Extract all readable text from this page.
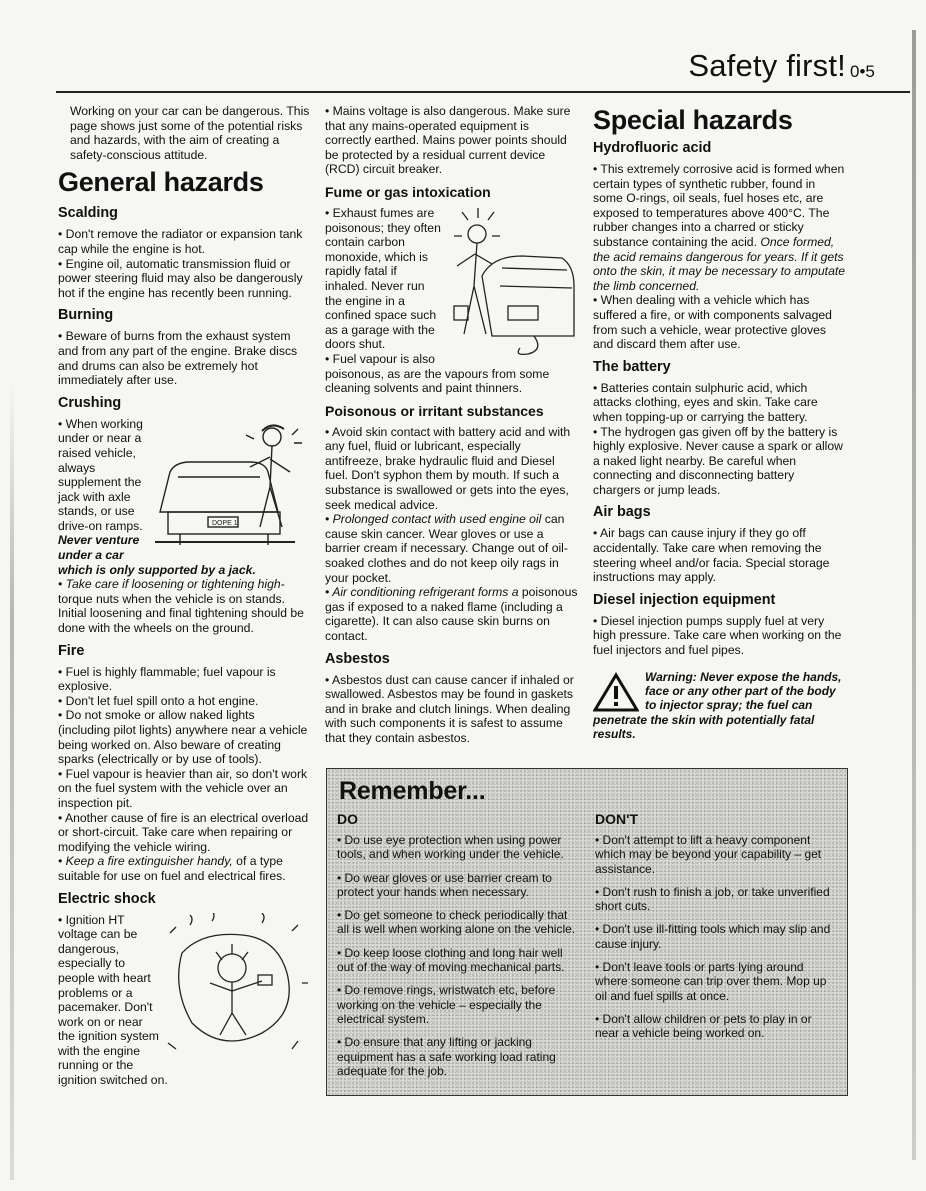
Safety first! 0•5

Working on your car can be dangerous. This page shows just some of the potential risks and hazards, with the aim of creating a safety-conscious attitude.

General hazards
Scalding

• Don't remove the radiator or expansion tank cap while the engine is hot.

• Engine oil, automatic transmission fluid or power steering fluid may also be dangerously hot if the engine has recently been running.

Burning

• Beware of burns from the exhaust system and from any part of the engine. Brake discs and drums can also be extremely hot immediately after use.

Crushing
DOPE 1

• When working under or near a raised vehicle, always supplement the jack with axle stands, or use drive-on ramps. Never venture under a car which is only supported by a jack.

• Take care if loosening or tightening high-torque nuts when the vehicle is on stands. Initial loosening and final tightening should be done with the wheels on the ground.

Fire

• Fuel is highly flammable; fuel vapour is explosive.

• Don't let fuel spill onto a hot engine.

• Do not smoke or allow naked lights (including pilot lights) anywhere near a vehicle being worked on. Also beware of creating sparks (electrically or by use of tools).

• Fuel vapour is heavier than air, so don't work on the fuel system with the vehicle over an inspection pit.

• Another cause of fire is an electrical overload or short-circuit. Take care when repairing or modifying the vehicle wiring.

• Keep a fire extinguisher handy, of a type suitable for use on fuel and electrical fires.

Electric shock

• Ignition HT voltage can be dangerous, especially to people with heart problems or a pacemaker. Don't work on or near the ignition system with the engine running or the ignition switched on.

• Mains voltage is also dangerous. Make sure that any mains-operated equipment is correctly earthed. Mains power points should be protected by a residual current device (RCD) circuit breaker.

Fume or gas intoxication

• Exhaust fumes are poisonous; they often contain carbon monoxide, which is rapidly fatal if inhaled. Never run the engine in a confined space such as a garage with the doors shut.

• Fuel vapour is also poisonous, as are the vapours from some cleaning solvents and paint thinners.

Poisonous or irritant substances

• Avoid skin contact with battery acid and with any fuel, fluid or lubricant, especially antifreeze, brake hydraulic fluid and Diesel fuel. Don't syphon them by mouth. If such a substance is swallowed or gets into the eyes, seek medical advice.

• Prolonged contact with used engine oil can cause skin cancer. Wear gloves or use a barrier cream if necessary. Change out of oil-soaked clothes and do not keep oily rags in your pocket.

• Air conditioning refrigerant forms a poisonous gas if exposed to a naked flame (including a cigarette). It can also cause skin burns on contact.

Asbestos

• Asbestos dust can cause cancer if inhaled or swallowed. Asbestos may be found in gaskets and in brake and clutch linings. When dealing with such components it is safest to assume that they contain asbestos.

Special hazards
Hydrofluoric acid

• This extremely corrosive acid is formed when certain types of synthetic rubber, found in some O-rings, oil seals, fuel hoses etc, are exposed to temperatures above 400°C. The rubber changes into a charred or sticky substance containing the acid. Once formed, the acid remains dangerous for years. If it gets onto the skin, it may be necessary to amputate the limb concerned.

• When dealing with a vehicle which has suffered a fire, or with components salvaged from such a vehicle, wear protective gloves and discard them after use.

The battery

• Batteries contain sulphuric acid, which attacks clothing, eyes and skin. Take care when topping-up or carrying the battery.

• The hydrogen gas given off by the battery is highly explosive. Never cause a spark or allow a naked light nearby. Be careful when connecting and disconnecting battery chargers or jump leads.

Air bags

• Air bags can cause injury if they go off accidentally. Take care when removing the steering wheel and/or facia. Special storage instructions may apply.

Diesel injection equipment

• Diesel injection pumps supply fuel at very high pressure. Take care when working on the fuel injectors and fuel pipes.

Warning: Never expose the hands, face or any other part of the body to injector spray; the fuel can penetrate the skin with potentially fatal results.
Remember...
DO
• Do use eye protection when using power tools, and when working under the vehicle.
• Do wear gloves or use barrier cream to protect your hands when necessary.
• Do get someone to check periodically that all is well when working alone on the vehicle.
• Do keep loose clothing and long hair well out of the way of moving mechanical parts.
• Do remove rings, wristwatch etc, before working on the vehicle – especially the electrical system.
• Do ensure that any lifting or jacking equipment has a safe working load rating adequate for the job.
DON'T
• Don't attempt to lift a heavy component which may be beyond your capability – get assistance.
• Don't rush to finish a job, or take unverified short cuts.
• Don't use ill-fitting tools which may slip and cause injury.
• Don't leave tools or parts lying around where someone can trip over them. Mop up oil and fuel spills at once.
• Don't allow children or pets to play in or near a vehicle being worked on.
